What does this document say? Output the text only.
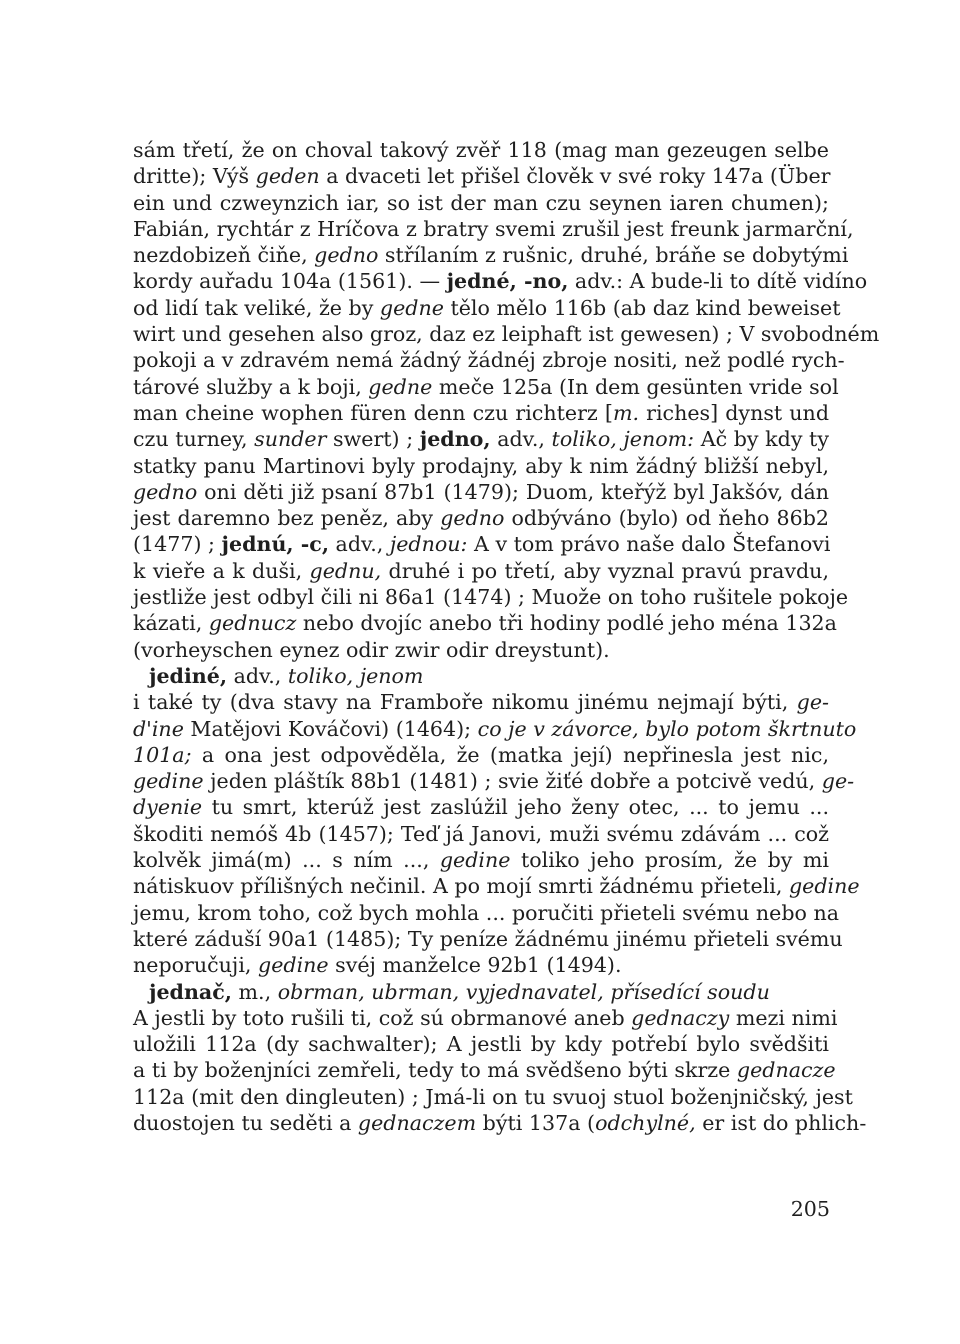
sám třetí, že on choval takový zvěř 118 (mag man gezeugen selbe
dritte); Výš geden a dvaceti let přišel člověk v své roky 147a (Über
ein und czweynzich iar, so ist der man czu seynen iaren chumen);
Fabián, rychtár z Hríčova z bratry svemi zrušil jest freunk jarmarční,
nezdobizeň čiňe, gedno střílaním z rušnic, druhé, bráňe se dobytými
kordy auřadu 104a (1561). — jedné, -no, adv.: A bude-li to dítě vidíno
od lidí tak veliké, že by gedne tělo mělo 116b (ab daz kind beweiset
wirt und gesehen also groz, daz ez leiphaft ist gewesen) ; V svobodném
pokoji a v zdravém nemá žádný žádnéj zbroje nositi, než podlé rych-
tárové služby a k boji, gedne meče 125a (In dem gesünten vride sol
man cheine wophen füren denn czu richterz [m. riches] dynst und
czu turney, sunder swert) ; jedno, adv., toliko, jenom: Ač by kdy ty
statky panu Martinovi byly prodajny, aby k nim žádný bližší nebyl,
gedno oni děti již psaní 87b1 (1479); Duom, kteřýž byl Jakšóv, dán
jest daremno bez peněz, aby gedno odbýváno (bylo) od ňeho 86b2
(1477) ; jednú, -c, adv., jednou: A v tom právo naše dalo Štefanovi
k vieře a k duši, gednu, druhé i po třetí, aby vyznal pravú pravdu,
jestliže jest odbyl čili ni 86a1 (1474) ; Muože on toho rušitele pokoje
kázati, gednucz nebo dvojíc anebo tři hodiny podlé jeho ména 132a
(vorheyschen eynez odir zwir odir dreystunt).
jediné, adv., toliko, jenom
i také ty (dva stavy na Framboře nikomu jinému nejmají býti, ge-
d'ine Matějovi Kováčovi) (1464); co je v závorce, bylo potom škrtnuto
101a; a ona jest odpověděla, že (matka její) nepřinesla jest nic,
gedine jeden pláštík 88b1 (1481) ; svie žiťé dobře a potcivě vedú, ge-
dyenie tu smrt, kterúž jest zaslúžil jeho ženy otec, ... to jemu ...
škoditi nemóš 4b (1457); Teď já Janovi, muži svému zdávám ... což
kolvěk jimá(m) ... s ním ..., gedine toliko jeho prosím, že by mi
nátiskuov přílišných nečinil. A po mojí smrti žádnému přieteli, gedine
jemu, krom toho, což bych mohla ... poručiti přieteli svému nebo na
které záduší 90a1 (1485); Ty peníze žádnému jinému přieteli svému
neporučuji, gedine svéj manželce 92b1 (1494).
jednač, m., obrman, ubrman, vyjednavatel, přísedící soudu
A jestli by toto rušili ti, což sú obrmanové aneb gednaczy mezi nimi
uložili 112a (dy sachwalter); A jestli by kdy potřebí bylo svědšiti
a ti by boženjníci zemřeli, tedy to má svědšeno býti skrze gednacze
112a (mit den dingleuten) ; Jmá-li on tu svuoj stuol boženjničský, jest
duostojen tu seděti a gednaczem býti 137a (odchylné, er ist do phlich-
205
